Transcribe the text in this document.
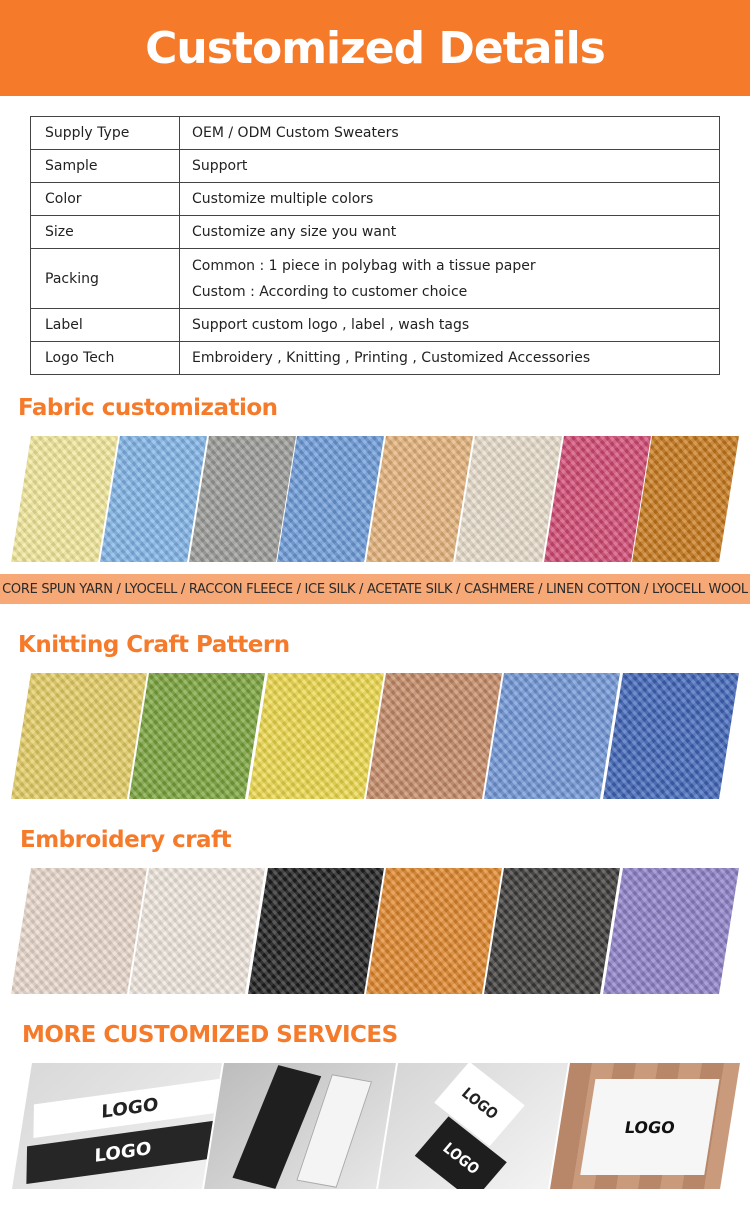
Customized Details
Supply Type	OEM / ODM Custom Sweaters
Sample	Support
Color	Customize multiple colors
Size	Customize any size you want
Packing	Common : 1 piece in polybag with a tissue paper
Custom : According to customer choice

Label	Support custom logo , label , wash tags
Logo Tech	Embroidery , Knitting , Printing , Customized Accessories
Fabric customization
CORE SPUN YARN / LYOCELL / RACCON FLEECE / ICE SILK / ACETATE SILK / CASHMERE / LINEN COTTON / LYOCELL WOOL
Knitting Craft Pattern
Embroidery craft
MORE CUSTOMIZED SERVICES
LOGO
LOGO
LOGO
LOGO
LOGO
